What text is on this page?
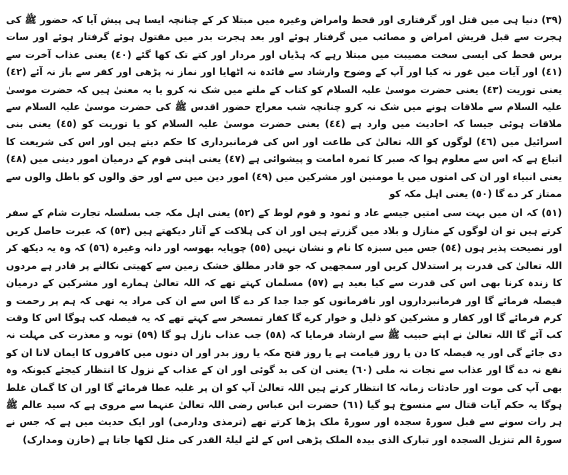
(٣٩) دنیا ہی میں قتل اور گرفتاری اور قحط وامراض وغیرہ میں مبتلا کر کے چنانچہ ایسا ہی پیش آیا کہ حضور ﷺ کی ہجرت سے قبل قریش امراض و مصائب میں گرفتار ہوئے اور بعد ہجرت بدر میں مقتول ہوئے گرفتار ہوئے اور سات برس قحط کی ایسی سخت مصیبت میں مبتلا رہے کہ ہڈیاں اور مردار اور کتے تک کھا گئے (٤٠) یعنی عذاب آخرت سے (٤١) اور آیات میں غور نہ کیا اور آپ کے وضوح وارشاد سے فائدہ نہ اٹھایا اور نماز نہ پڑھی اور کفر سے باز نہ آئے (٤٢) یعنی توریت (٤٣) یعنی حضرت موسیٰ علیہ السلام کو کتاب کے ملنے میں شک نہ کرو یا یہ معنیٰ ہیں کہ حضرت موسیٰ علیہ السلام سے ملاقات ہونے میں شک نہ کرو چنانچہ شب معراج حضور اقدس ﷺ کی حضرت موسیٰ علیہ السلام سے ملاقات ہوئی جیسا کہ احادیث میں وارد ہے (٤٤) یعنی حضرت موسیٰ علیہ السلام کو یا توریت کو (٤٥) یعنی بنی اسرائیل میں (٤٦) لوگوں کو اللہ تعالیٰ کی طاعت اور اس کی فرمانبرداری کا حکم دیتے ہیں اور اس کی شریعت کا اتباع ہے کہ اس سے معلوم ہوا کہ صبر کا ثمرہ امامت و پیشوائی ہے (٤٧) یعنی اپنی قوم کے درمیان امور دینی میں (٤٨) یعنی انبیاء اور ان کی امتوں میں یا مومنین اور مشرکین میں (٤٩) امور دین میں سے اور حق والوں کو باطل والوں سے ممتاز کر دے گا (٥٠) یعنی اہل مکہ کو

(٥١) کہ ان میں بہت سی امتیں جیسے عاد و ثمود و قوم لوط کے (٥٢) یعنی اہل مکہ جب بسلسلہ تجارت شام کے سفر کرتے ہیں تو ان لوگوں کے منازل و بلاد میں گزرتے ہیں اور ان کی ہلاکت کے آثار دیکھتے ہیں (٥٣) کہ عبرت حاصل کریں اور نصیحت پذیر ہوں (٥٤) جس میں سبزہ کا نام و نشان نہیں (٥٥) چوپایہ بھوسہ اور دانہ وغیرہ (٥٦) کہ وہ یہ دیکھ کر اللہ تعالیٰ کی قدرت پر استدلال کریں اور سمجھیں کہ جو قادر مطلق خشک زمین سے کھیتی نکالنے پر قادر ہے مردوں کا زندہ کرنا بھی اس کی قدرت سے کیا بعید ہے (٥٧) مسلمان کہتے تھے کہ اللہ تعالیٰ ہمارے اور مشرکین کے درمیان فیصلہ فرمائے گا اور فرمانبرداروں اور نافرمانوں کو جدا جدا کر دے گا اس سے ان کی مراد یہ تھی کہ ہم پر رحمت و کرم فرمائے گا اور کفار و مشرکین کو ذلیل و خوار کرے گا کفار تمسخر سے کہتے تھے کہ یہ فیصلہ کب ہوگا اس کا وقت کب آئے گا اللہ تعالیٰ نے اپنے حبیب ﷺ سے ارشاد فرمایا کہ (٥٨) جب عذاب نازل ہو گا (٥٩) توبہ و معذرت کی مہلت نہ دی جائے گی اور یہ فیصلہ کا دن یا روز قیامت ہے یا روز فتح مکہ یا روز بدر اور ان دنوں میں کافروں کا ایمان لانا ان کو نفع نہ دے گا اور عذاب سے نجات نہ ملی (٦٠) یعنی ان کی بد گوئی اور ان کے عذاب کے نزول کا انتظار کیجئے کیونکہ وہ بھی آپ کی موت اور حادثات زمانہ کا انتظار کرتے ہیں اللہ تعالیٰ آپ کو ان پر غلبہ عطا فرمائے گا اور ان کا گمان غلط ہوگا یہ حکم آیات قتال سے منسوخ ہو گیا (٦١) حضرت ابن عباس رضی اللہ تعالیٰ عنہما سے مروی ہے کہ سید عالم ﷺ ہر رات سونے سے قبل سورۃ سجدہ اور سورۃ ملک پڑھا کرتے تھے (ترمذی ودارمی) اور ایک حدیث میں ہے کہ جس نے سورۃ الم تنزیل السجدہ اور تبارک الذی بیدہ الملک پڑھی اس کے لئے لیلۃ القدر کی مثل لکھا جاتا ہے (خازن ومدارک)
